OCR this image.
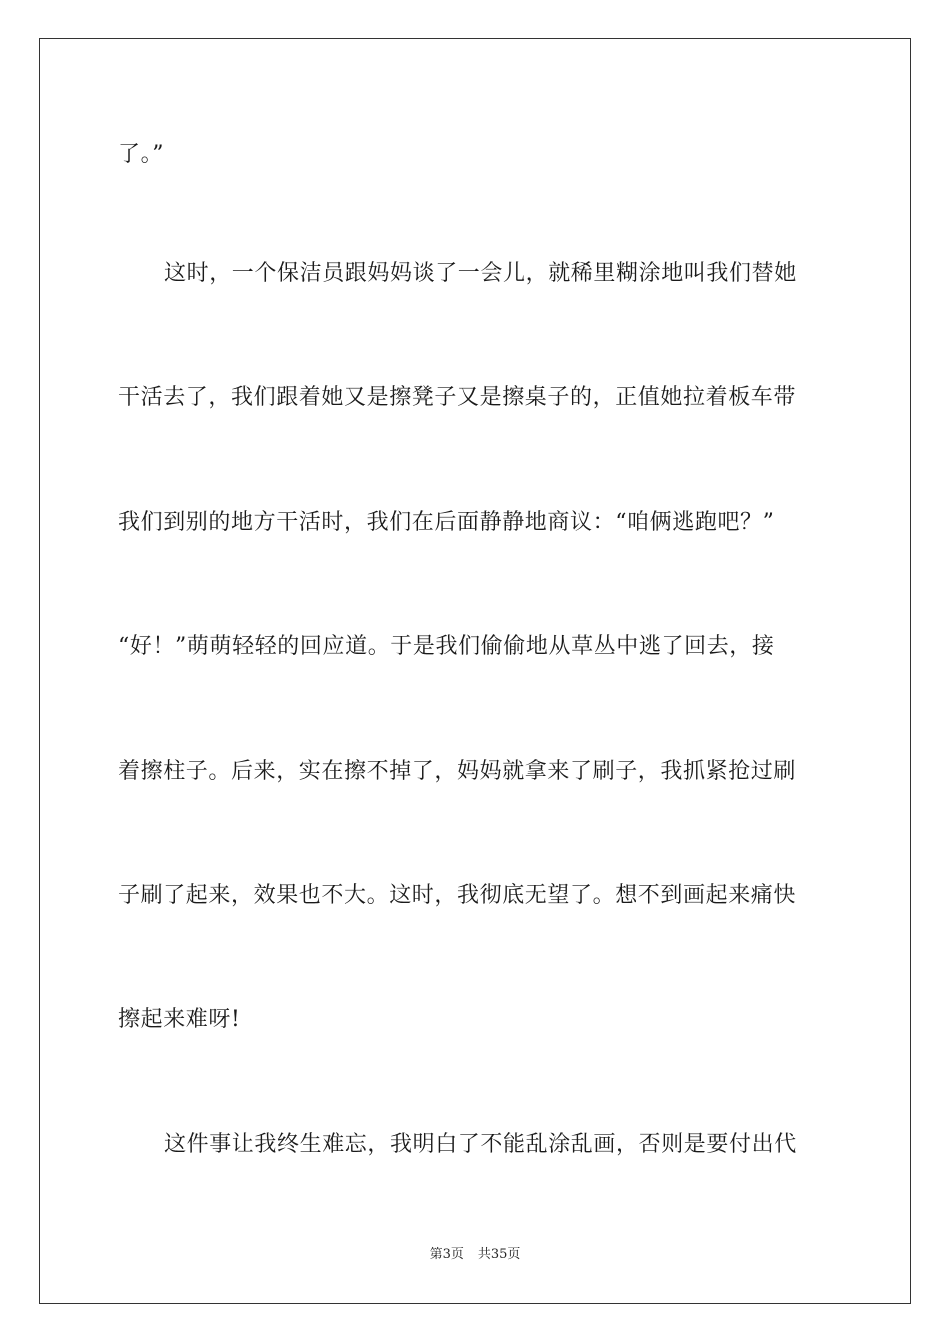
了。”
这时，一个保洁员跟妈妈谈了一会儿，就稀里糊涂地叫我们替她
干活去了，我们跟着她又是擦凳子又是擦桌子的，正值她拉着板车带
我们到别的地方干活时，我们在后面静静地商议：“咱俩逃跑吧？”
“好！”萌萌轻轻的回应道。于是我们偷偷地从草丛中逃了回去，接
着擦柱子。后来，实在擦不掉了，妈妈就拿来了刷子，我抓紧抢过刷
子刷了起来，效果也不大。这时，我彻底无望了。想不到画起来痛快
擦起来难呀!
这件事让我终生难忘，我明白了不能乱涂乱画，否则是要付出代
第3页 共35页
